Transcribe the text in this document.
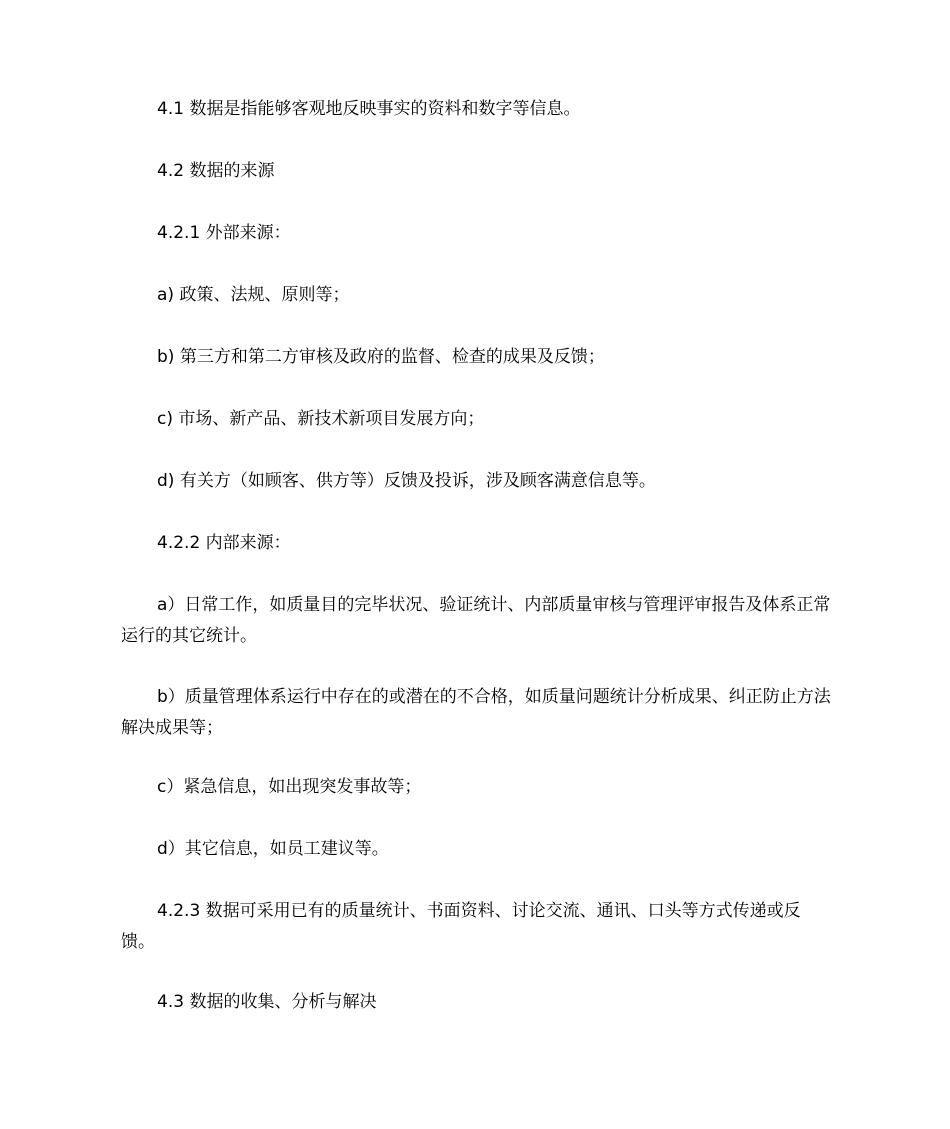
4.1 数据是指能够客观地反映事实的资料和数字等信息。

4.2 数据的来源

4.2.1 外部来源：

a) 政策、法规、原则等；

b) 第三方和第二方审核及政府的监督、检查的成果及反馈；

c) 市场、新产品、新技术新项目发展方向；

d) 有关方（如顾客、供方等）反馈及投诉，涉及顾客满意信息等。

4.2.2 内部来源：

a）日常工作，如质量目的完毕状况、验证统计、内部质量审核与管理评审报告及体系正常运行的其它统计。

b）质量管理体系运行中存在的或潜在的不合格，如质量问题统计分析成果、纠正防止方法解决成果等；

c）紧急信息，如出现突发事故等；

d）其它信息，如员工建议等。

4.2.3 数据可采用已有的质量统计、书面资料、讨论交流、通讯、口头等方式传递或反馈。

4.3 数据的收集、分析与解决
